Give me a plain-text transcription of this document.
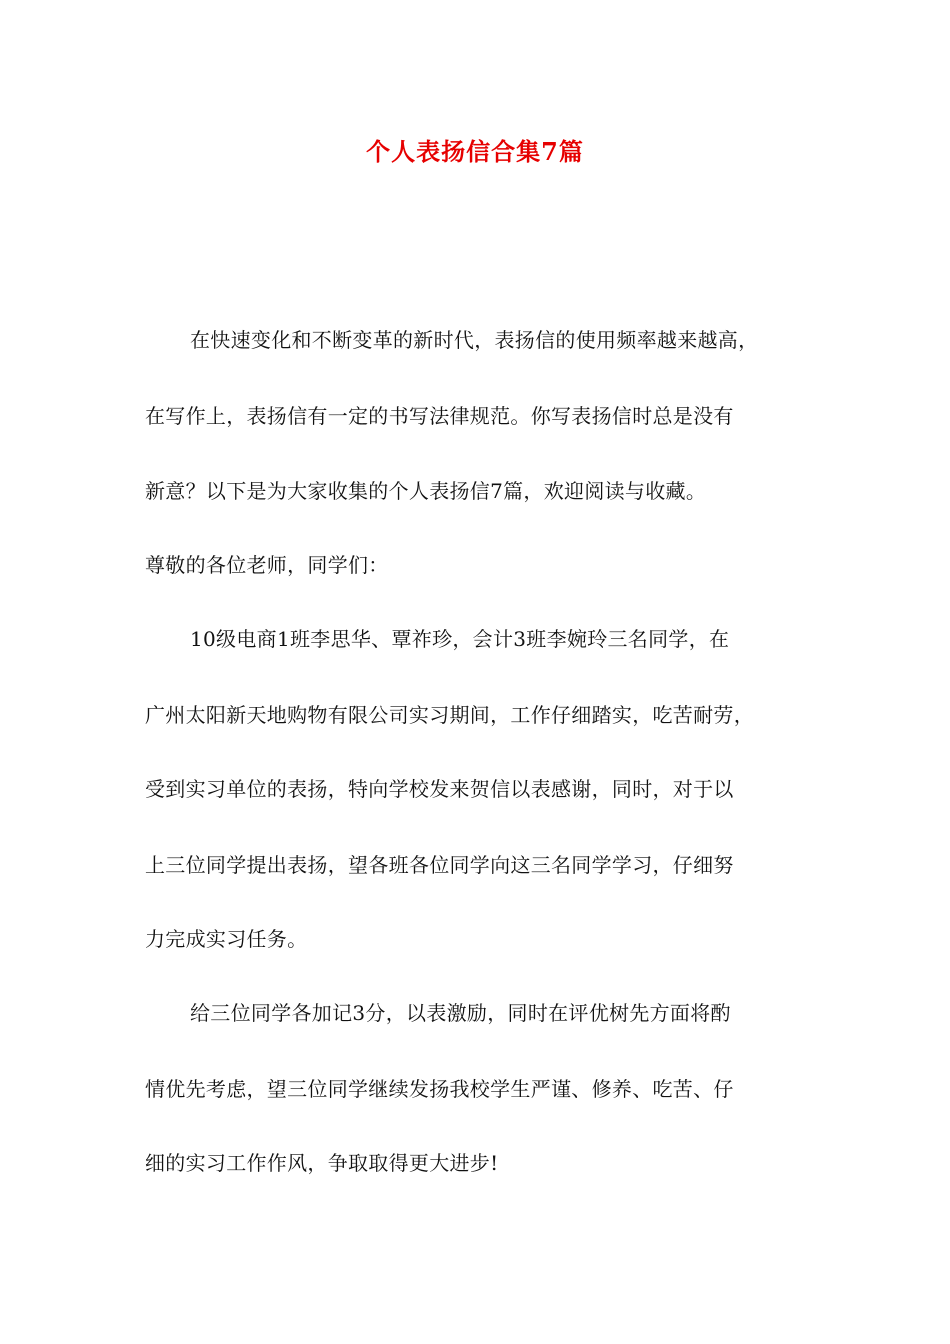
个人表扬信合集7篇
在快速变化和不断变革的新时代，表扬信的使用频率越来越高，
在写作上，表扬信有一定的书写法律规范。你写表扬信时总是没有
新意？以下是为大家收集的个人表扬信7篇，欢迎阅读与收藏。
尊敬的各位老师，同学们：
10级电商1班李思华、覃祚珍，会计3班李婉玲三名同学，在
广州太阳新天地购物有限公司实习期间，工作仔细踏实，吃苦耐劳，
受到实习单位的表扬，特向学校发来贺信以表感谢，同时，对于以
上三位同学提出表扬，望各班各位同学向这三名同学学习，仔细努
力完成实习任务。
给三位同学各加记3分，以表激励，同时在评优树先方面将酌
情优先考虑，望三位同学继续发扬我校学生严谨、修养、吃苦、仔
细的实习工作作风，争取取得更大进步!
